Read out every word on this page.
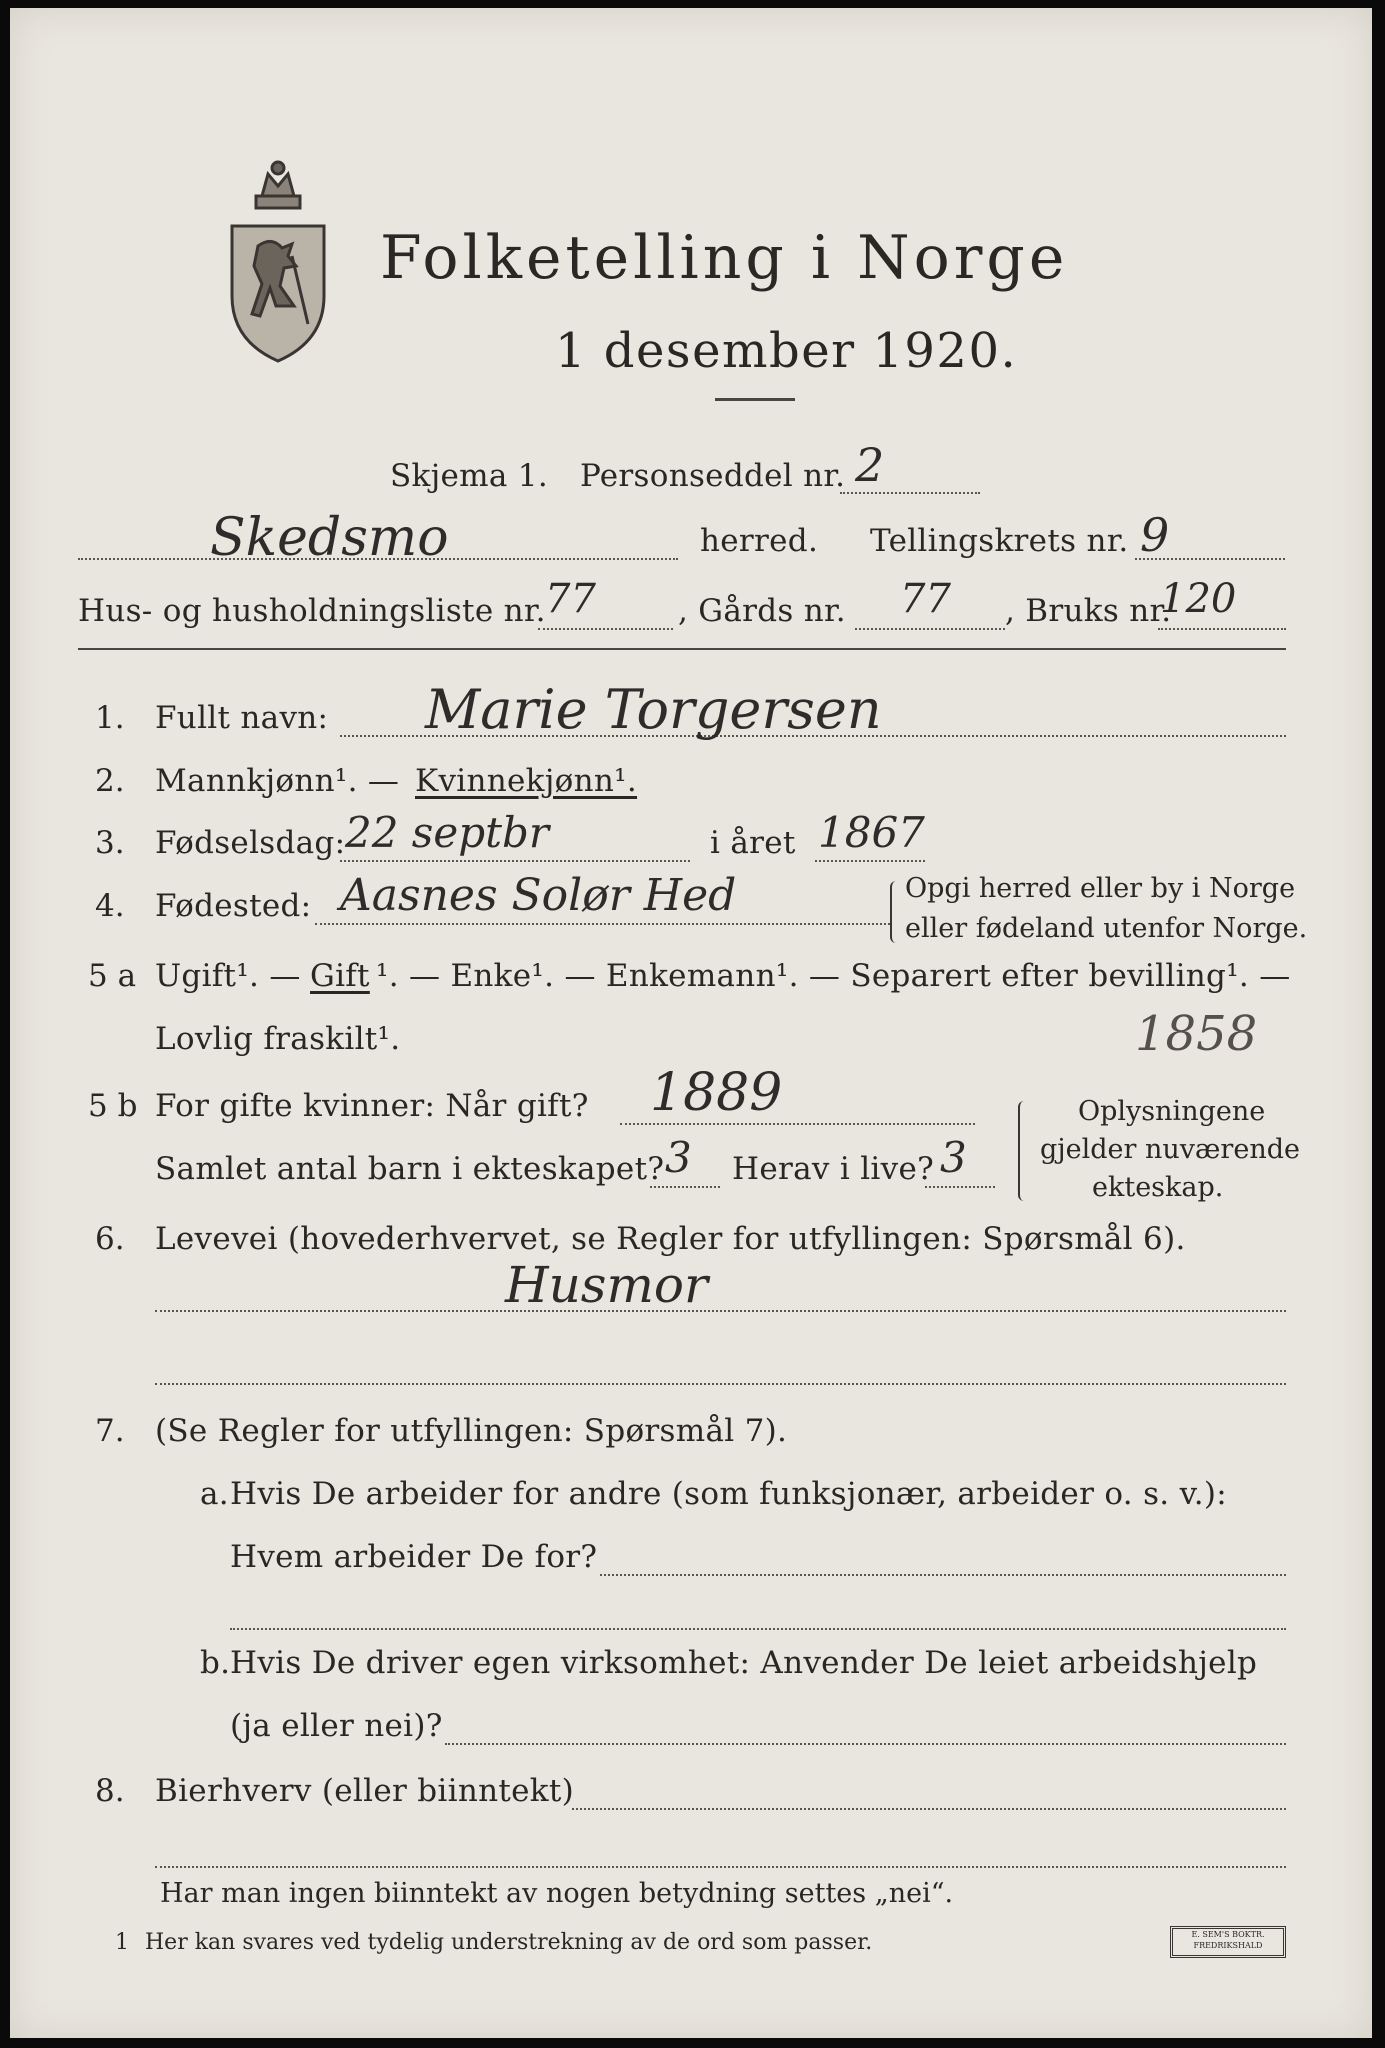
Folketelling i Norge
1 desember 1920.
Skjema 1. Personseddel nr. 2
Skedsmo	herred. Tellingskrets nr. 9
Hus- og husholdningsliste nr. 77	, Gårds nr. 77 , Bruks nr.
120
1. Fullt navn: Marie Torgersen
2. Mannkjønn¹. — Kvinnekjønn¹.
3. Fødselsdag: 22 septbr	i året 1867
4. Fødested: Aasnes Solør Hed	Opgi herred eller by i Norge
eller fødeland utenfor Norge.
5 a Ugift¹. — Gift ¹. — Enke¹. — Enkemann¹. — Separert efter bevilling¹. —
Lovlig fraskilt¹.	1858
5 b For gifte kvinner: Når gift? 1889
Samlet antal barn i ekteskapet? 3 Herav i live? 3
Oplysningene
gjelder nuværende
ekteskap.
6. Levevei (hovederhvervet, se Regler for utfyllingen: Spørsmål 6).
Husmor
7. (Se Regler for utfyllingen: Spørsmål 7).
a. Hvis De arbeider for andre (som funksjonær, arbeider o. s. v.):
Hvem arbeider De for?
b. Hvis De driver egen virksomhet: Anvender De leiet arbeidshjelp
(ja eller nei)?
8. Bierhverv (eller biinntekt)
Har man ingen biinntekt av nogen betydning settes „nei“.
1 Her kan svares ved tydelig understrekning av de ord som passer.	E. SEM'S BOKTR. FREDRIKSHALD
